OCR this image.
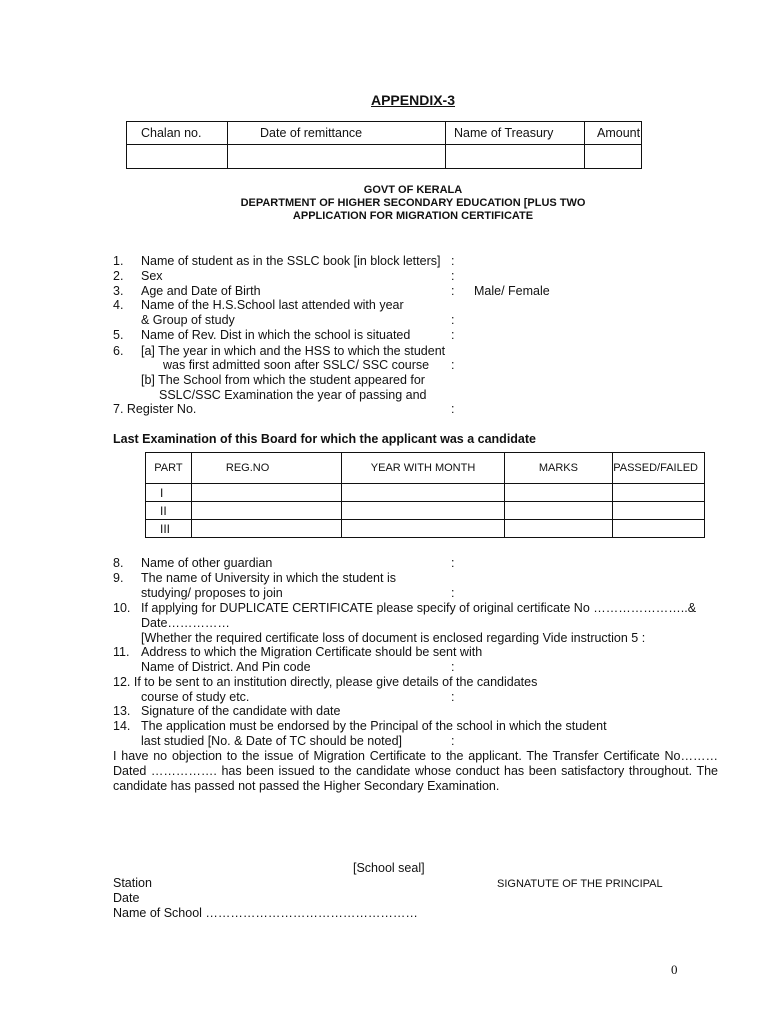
APPENDIX-3
Chalan no.	Date of remittance	Name of Treasury	Amount

GOVT OF KERALA
DEPARTMENT OF HIGHER SECONDARY EDUCATION [PLUS TWO
APPLICATION FOR MIGRATION CERTIFICATE
1. Name of student as in the SSLC book [in block letters] :
2. Sex	:
3. Age and Date of Birth	: Male/ Female
4. Name of the H.S.School last attended with year
& Group of study	:
5. Name of Rev. Dist in which the school is situated	:
6. [a] The year in which and the HSS to which the student
was first admitted soon after SSLC/ SSC course :
[b] The School from which the student appeared for
SSLC/SSC Examination the year of passing and
7. Register No.	:
Last Examination of this Board for which the applicant was a candidate
PART	REG.NO	YEAR WITH MONTH	MARKS	PASSED/FAILED
I				
II				
III				
8. Name of other guardian	:
9. The name of University in which the student is
studying/ proposes to join	:
10. If applying for DUPLICATE CERTIFICATE please specify of original certificate No …………………..&
Date……………
[Whether the required certificate loss of document is enclosed regarding Vide instruction 5 :
11. Address to which the Migration Certificate should be sent with
Name of District. And Pin code	:
12. If to be sent to an institution directly, please give details of the candidates
course of study etc.	:
13. Signature of the candidate with date
14. The application must be endorsed by the Principal of the school in which the student
last studied [No. & Date of TC should be noted]	:
I have no objection to the issue of Migration Certificate to the applicant. The Transfer Certificate No……… Dated ……………. has been issued to the candidate whose conduct has been satisfactory throughout. The candidate has passed not passed the Higher Secondary Examination.
[School seal]
Station	SIGNATUTE OF THE PRINCIPAL
Date
Name of School ……………………………………………
0
